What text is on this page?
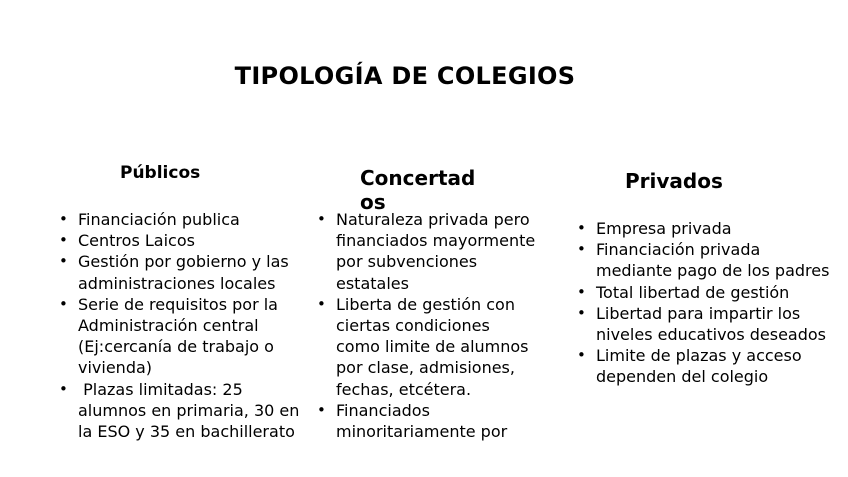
TIPOLOGÍA DE COLEGIOS
Públicos	Concertados
Privados
• Financiación publica
• Centros Laicos
• Gestión por gobierno y las administraciones locales
• Serie de requisitos por la Administración central (Ej:cercanía de trabajo o vivienda)
• Plazas limitadas: 25 alumnos en primaria, 30 en la ESO y 35 en bachillerato
• Naturaleza privada pero financiados mayormente por subvenciones estatales
• Liberta de gestión con ciertas condiciones como limite de alumnos por clase, admisiones, fechas, etcétera.
• Financiados minoritariamente por
• Empresa privada
• Financiación privada mediante pago de los padres
• Total libertad de gestión
• Libertad para impartir los niveles educativos deseados
• Limite de plazas y acceso dependen del colegio
